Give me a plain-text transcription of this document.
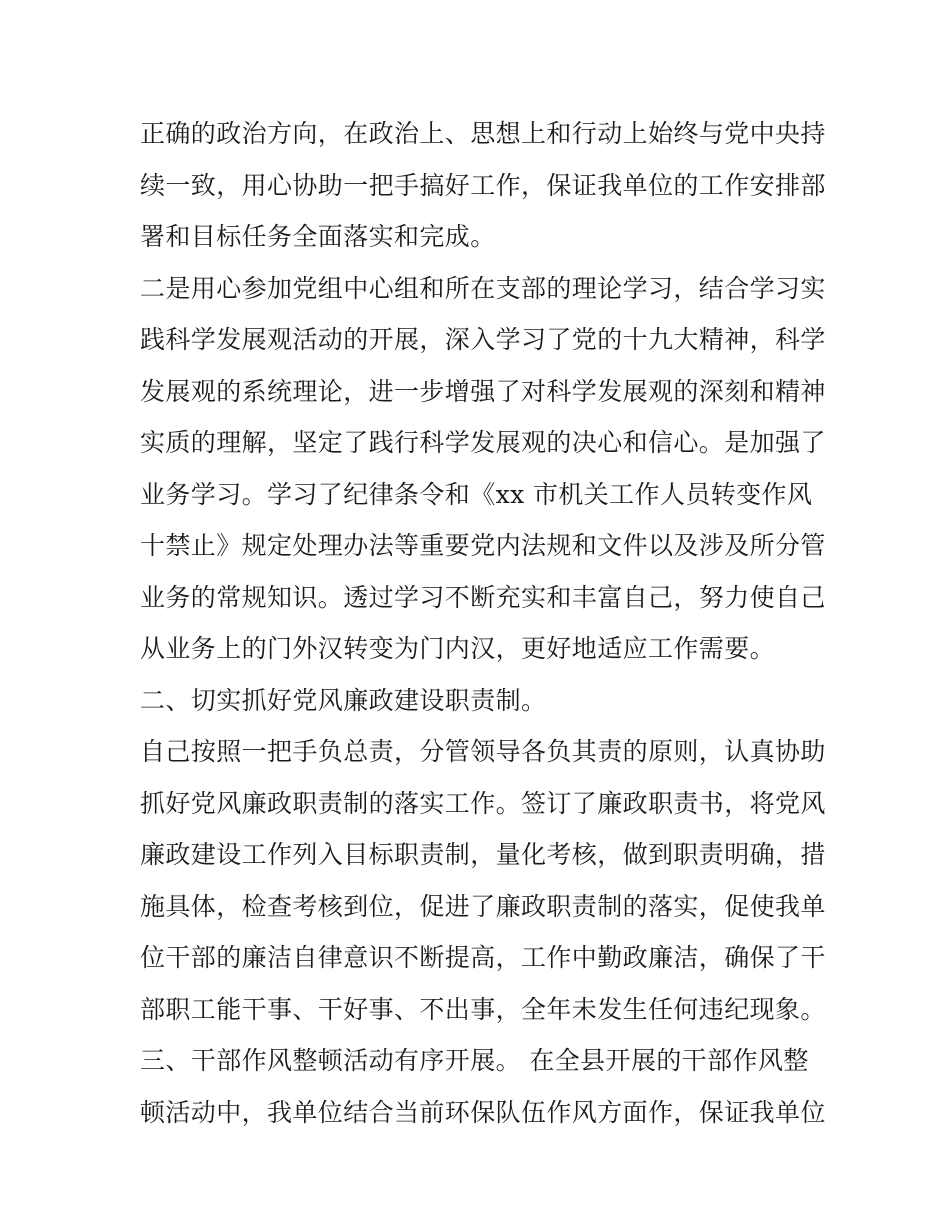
正确的政治方向，在政治上、思想上和行动上始终与党中央持
续一致，用心协助一把手搞好工作，保证我单位的工作安排部
署和目标任务全面落实和完成。
二是用心参加党组中心组和所在支部的理论学习，结合学习实
践科学发展观活动的开展，深入学习了党的十九大精神，科学
发展观的系统理论，进一步增强了对科学发展观的深刻和精神
实质的理解，坚定了践行科学发展观的决心和信心。是加强了
业务学习。学习了纪律条令和《xx 市机关工作人员转变作风
十禁止》规定处理办法等重要党内法规和文件以及涉及所分管
业务的常规知识。透过学习不断充实和丰富自己，努力使自己
从业务上的门外汉转变为门内汉，更好地适应工作需要。
二、切实抓好党风廉政建设职责制。
自己按照一把手负总责，分管领导各负其责的原则，认真协助
抓好党风廉政职责制的落实工作。签订了廉政职责书，将党风
廉政建设工作列入目标职责制，量化考核，做到职责明确，措
施具体，检查考核到位，促进了廉政职责制的落实，促使我单
位干部的廉洁自律意识不断提高，工作中勤政廉洁，确保了干
部职工能干事、干好事、不出事，全年未发生任何违纪现象。
三、干部作风整顿活动有序开展。 在全县开展的干部作风整
顿活动中，我单位结合当前环保队伍作风方面作，保证我单位
